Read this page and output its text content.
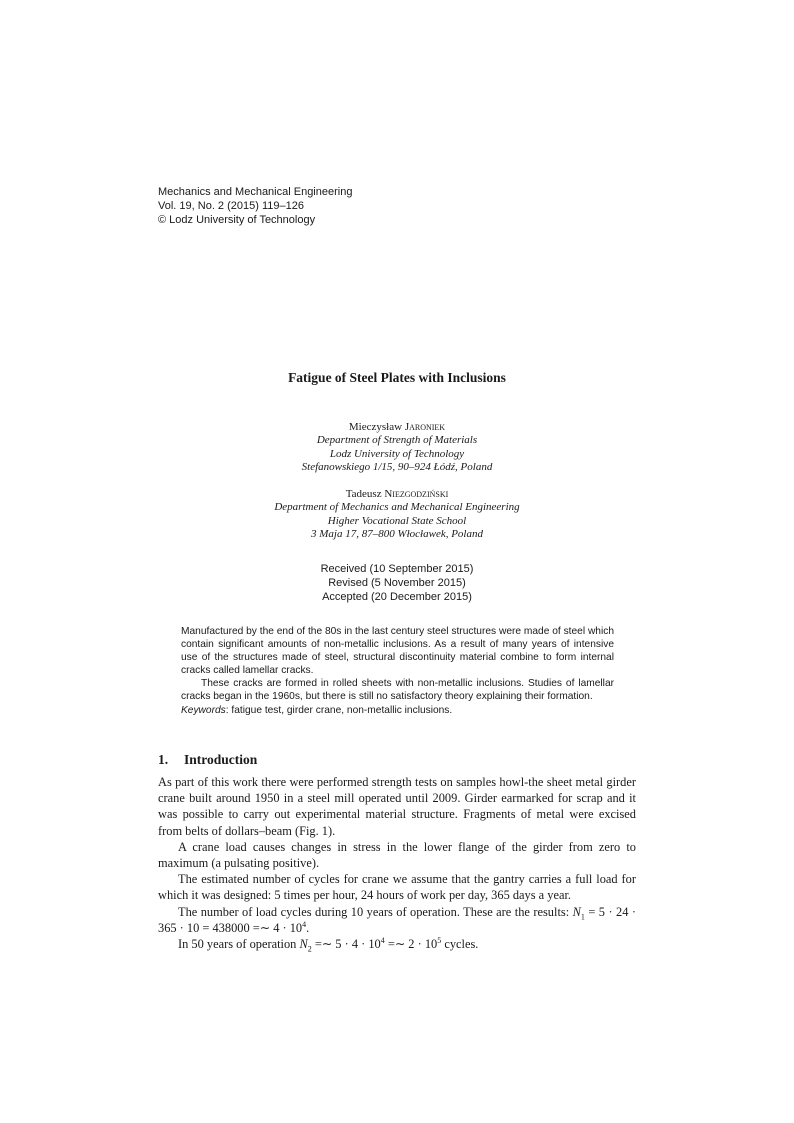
Mechanics and Mechanical Engineering
Vol. 19, No. 2 (2015) 119–126
© Lodz University of Technology
Fatigue of Steel Plates with Inclusions
Mieczysław Jaroniek
Department of Strength of Materials
Lodz University of Technology
Stefanowskiego 1/15, 90–924 Łódź, Poland
Tadeusz Niezgodziński
Department of Mechanics and Mechanical Engineering
Higher Vocational State School
3 Maja 17, 87–800 Włocławek, Poland
Received (10 September 2015)
Revised (5 November 2015)
Accepted (20 December 2015)

Manufactured by the end of the 80s in the last century steel structures were made of steel which contain significant amounts of non-metallic inclusions. As a result of many years of intensive use of the structures made of steel, structural discontinuity material combine to form internal cracks called lamellar cracks.

These cracks are formed in rolled sheets with non-metallic inclusions. Studies of lamellar cracks began in the 1960s, but there is still no satisfactory theory explaining their formation.

Keywords: fatigue test, girder crane, non-metallic inclusions.

1. Introduction

As part of this work there were performed strength tests on samples howl-the sheet metal girder crane built around 1950 in a steel mill operated until 2009. Girder earmarked for scrap and it was possible to carry out experimental material structure. Fragments of metal were excised from belts of dollars–beam (Fig. 1).

A crane load causes changes in stress in the lower flange of the girder from zero to maximum (a pulsating positive).

The estimated number of cycles for crane we assume that the gantry carries a full load for which it was designed: 5 times per hour, 24 hours of work per day, 365 days a year.

The number of load cycles during 10 years of operation. These are the results: $N_1 = 5 \cdot 24 \cdot 365 \cdot 10 = 438000$ =∼ $4 \cdot 10^4$.

In 50 years of operation $N_2$ =∼ $5 \cdot 4 \cdot 10^4$ =∼ $2 \cdot 10^5$ cycles.
